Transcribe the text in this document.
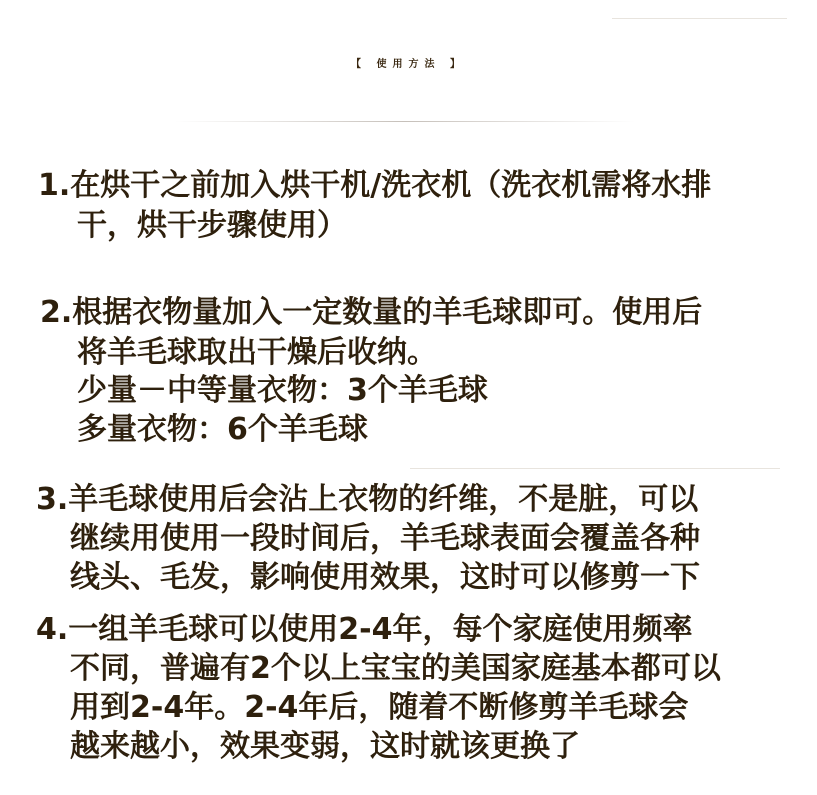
【 使用方法 】
1.在烘干之前加入烘干机/洗衣机（洗衣机需将水排
干，烘干步骤使用）
2.根据衣物量加入一定数量的羊毛球即可。使用后
将羊毛球取出干燥后收纳。
少量－中等量衣物：3个羊毛球
多量衣物：6个羊毛球
3.羊毛球使用后会沾上衣物的纤维，不是脏，可以
继续用使用一段时间后，羊毛球表面会覆盖各种
线头、毛发，影响使用效果，这时可以修剪一下
4.一组羊毛球可以使用2-4年，每个家庭使用频率
不同，普遍有2个以上宝宝的美国家庭基本都可以
用到2-4年。2-4年后，随着不断修剪羊毛球会
越来越小，效果变弱，这时就该更换了
